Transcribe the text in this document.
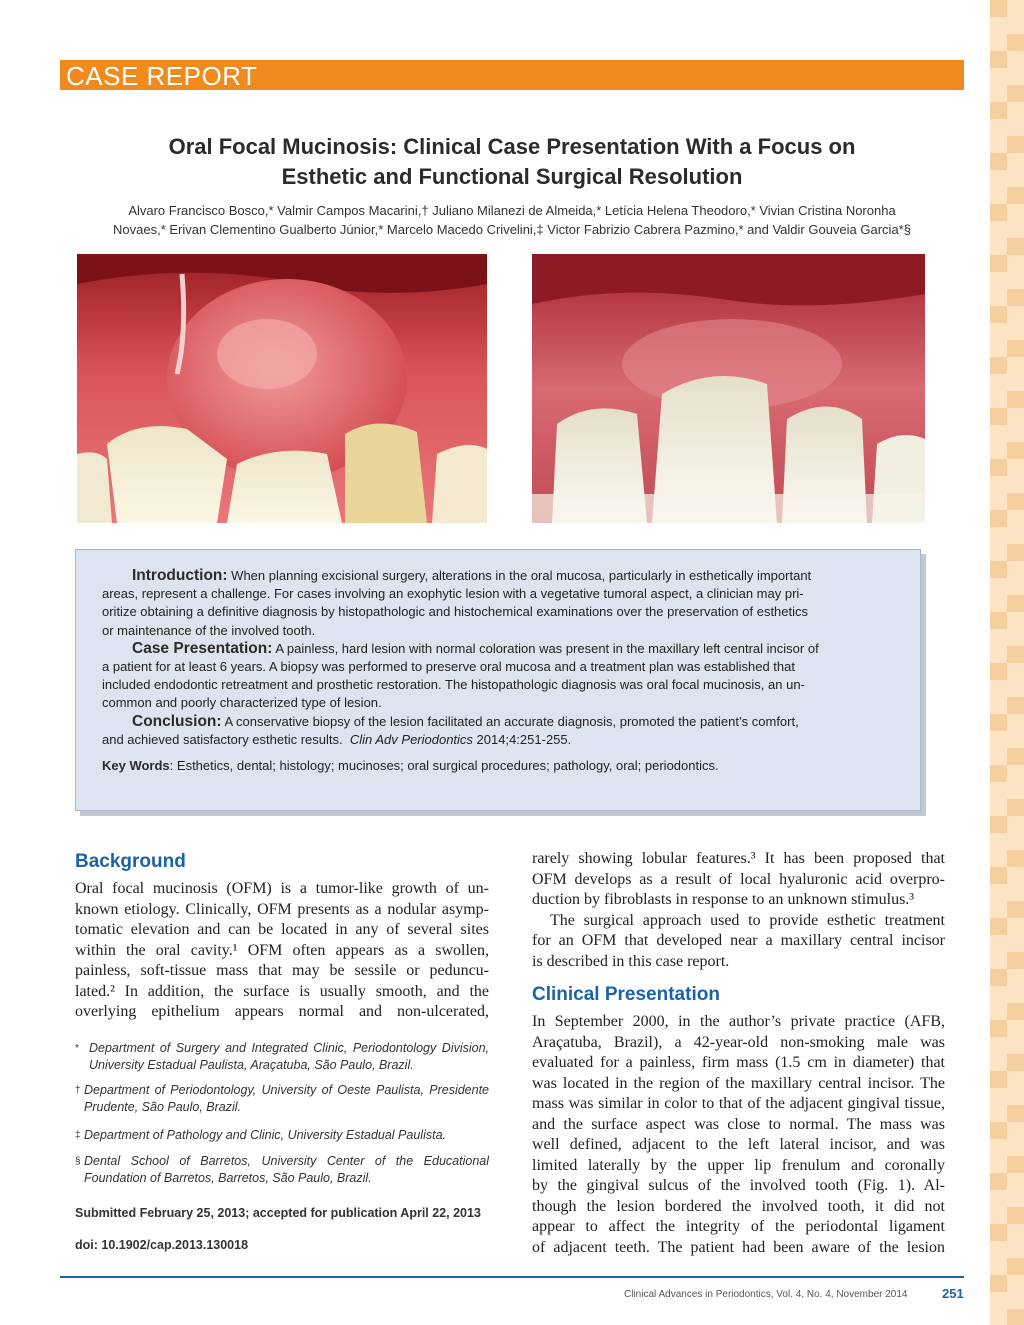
CASE REPORT
Oral Focal Mucinosis: Clinical Case Presentation With a Focus on
Esthetic and Functional Surgical Resolution
Alvaro Francisco Bosco,* Valmir Campos Macarini,† Juliano Milanezi de Almeida,* Letícia Helena Theodoro,* Vivian Cristina Noronha
Novaes,* Erivan Clementino Gualberto Júnior,* Marcelo Macedo Crivelini,‡ Victor Fabrizio Cabrera Pazmino,* and Valdir Gouveia Garcia*§
Introduction: When planning excisional surgery, alterations in the oral mucosa, particularly in esthetically important
areas, represent a challenge. For cases involving an exophytic lesion with a vegetative tumoral aspect, a clinician may pri-
oritize obtaining a definitive diagnosis by histopathologic and histochemical examinations over the preservation of esthetics
or maintenance of the involved tooth.
Case Presentation: A painless, hard lesion with normal coloration was present in the maxillary left central incisor of
a patient for at least 6 years. A biopsy was performed to preserve oral mucosa and a treatment plan was established that
included endodontic retreatment and prosthetic restoration. The histopathologic diagnosis was oral focal mucinosis, an un-
common and poorly characterized type of lesion.
Conclusion: A conservative biopsy of the lesion facilitated an accurate diagnosis, promoted the patient’s comfort,
and achieved satisfactory esthetic results. Clin Adv Periodontics 2014;4:251-255.
Key Words: Esthetics, dental; histology; mucinoses; oral surgical procedures; pathology, oral; periodontics.
Background
Oral focal mucinosis (OFM) is a tumor-like growth of un-
known etiology. Clinically, OFM presents as a nodular asymp-
tomatic elevation and can be located in any of several sites
within the oral cavity.¹ OFM often appears as a swollen,
painless, soft-tissue mass that may be sessile or peduncu-
lated.² In addition, the surface is usually smooth, and the
overlying epithelium appears normal and non-ulcerated,
* Department of Surgery and Integrated Clinic, Periodontology Division, University Estadual Paulista, Araçatuba, São Paulo, Brazil.
† Department of Periodontology, University of Oeste Paulista, Presidente Prudente, São Paulo, Brazil.
‡ Department of Pathology and Clinic, University Estadual Paulista.
§ Dental School of Barretos, University Center of the Educational Foundation of Barretos, Barretos, São Paulo, Brazil.
Submitted February 25, 2013; accepted for publication April 22, 2013
doi: 10.1902/cap.2013.130018
rarely showing lobular features.³ It has been proposed that
OFM develops as a result of local hyaluronic acid overpro-
duction by fibroblasts in response to an unknown stimulus.³
The surgical approach used to provide esthetic treatment
for an OFM that developed near a maxillary central incisor
is described in this case report.
Clinical Presentation
In September 2000, in the author’s private practice (AFB,
Araçatuba, Brazil), a 42-year-old non-smoking male was
evaluated for a painless, firm mass (1.5 cm in diameter) that
was located in the region of the maxillary central incisor. The
mass was similar in color to that of the adjacent gingival tissue,
and the surface aspect was close to normal. The mass was
well defined, adjacent to the left lateral incisor, and was
limited laterally by the upper lip frenulum and coronally
by the gingival sulcus of the involved tooth (Fig. 1). Al-
though the lesion bordered the involved tooth, it did not
appear to affect the integrity of the periodontal ligament
of adjacent teeth. The patient had been aware of the lesion
Clinical Advances in Periodontics, Vol. 4, No. 4, November 2014	251
